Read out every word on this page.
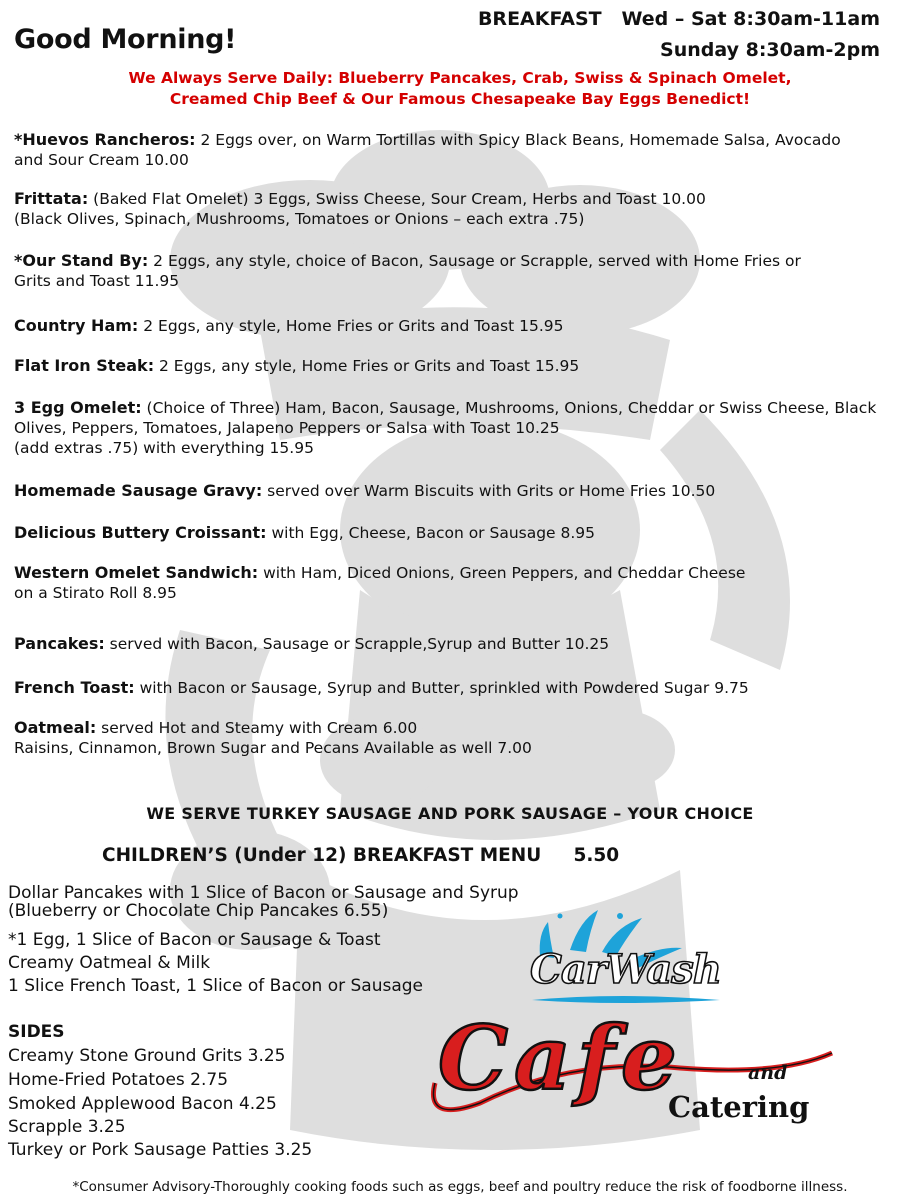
Good Morning!
BREAKFAST   Wed – Sat 8:30am-11am
Sunday 8:30am-2pm
We Always Serve Daily: Blueberry Pancakes, Crab, Swiss & Spinach Omelet,
Creamed Chip Beef & Our Famous Chesapeake Bay Eggs Benedict!
*Huevos Rancheros: 2 Eggs over, on Warm Tortillas with Spicy Black Beans, Homemade Salsa, Avocado
and Sour Cream 10.00
Frittata: (Baked Flat Omelet) 3 Eggs, Swiss Cheese, Sour Cream, Herbs and Toast 10.00
(Black Olives, Spinach, Mushrooms, Tomatoes or Onions – each extra .75)
*Our Stand By: 2 Eggs, any style, choice of Bacon, Sausage or Scrapple, served with Home Fries or
Grits and Toast 11.95
Country Ham: 2 Eggs, any style, Home Fries or Grits and Toast 15.95
Flat Iron Steak: 2 Eggs, any style, Home Fries or Grits and Toast 15.95
3 Egg Omelet: (Choice of Three) Ham, Bacon, Sausage, Mushrooms, Onions, Cheddar or Swiss Cheese, Black
Olives, Peppers, Tomatoes, Jalapeno Peppers or Salsa with Toast 10.25
(add extras .75) with everything 15.95
Homemade Sausage Gravy: served over Warm Biscuits with Grits or Home Fries 10.50
Delicious Buttery Croissant: with Egg, Cheese, Bacon or Sausage 8.95
Western Omelet Sandwich: with Ham, Diced Onions, Green Peppers, and Cheddar Cheese
on a Stirato Roll 8.95
Pancakes: served with Bacon, Sausage or Scrapple,Syrup and Butter 10.25
French Toast: with Bacon or Sausage, Syrup and Butter, sprinkled with Powdered Sugar 9.75
Oatmeal: served Hot and Steamy with Cream 6.00
Raisins, Cinnamon, Brown Sugar and Pecans Available as well 7.00
WE SERVE TURKEY SAUSAGE AND PORK SAUSAGE – YOUR CHOICE
CHILDREN’S (Under 12) BREAKFAST MENU     5.50
Dollar Pancakes with 1 Slice of Bacon or Sausage and Syrup
(Blueberry or Chocolate Chip Pancakes 6.55)
*1 Egg, 1 Slice of Bacon or Sausage & Toast
Creamy Oatmeal & Milk
1 Slice French Toast, 1 Slice of Bacon or Sausage
SIDES
Creamy Stone Ground Grits 3.25
Home-Fried Potatoes 2.75
Smoked Applewood Bacon 4.25
Scrapple 3.25
Turkey or Pork Sausage Patties 3.25
CarWash
Cafe	and
Catering
*Consumer Advisory-Thoroughly cooking foods such as eggs, beef and poultry reduce the risk of foodborne illness.
